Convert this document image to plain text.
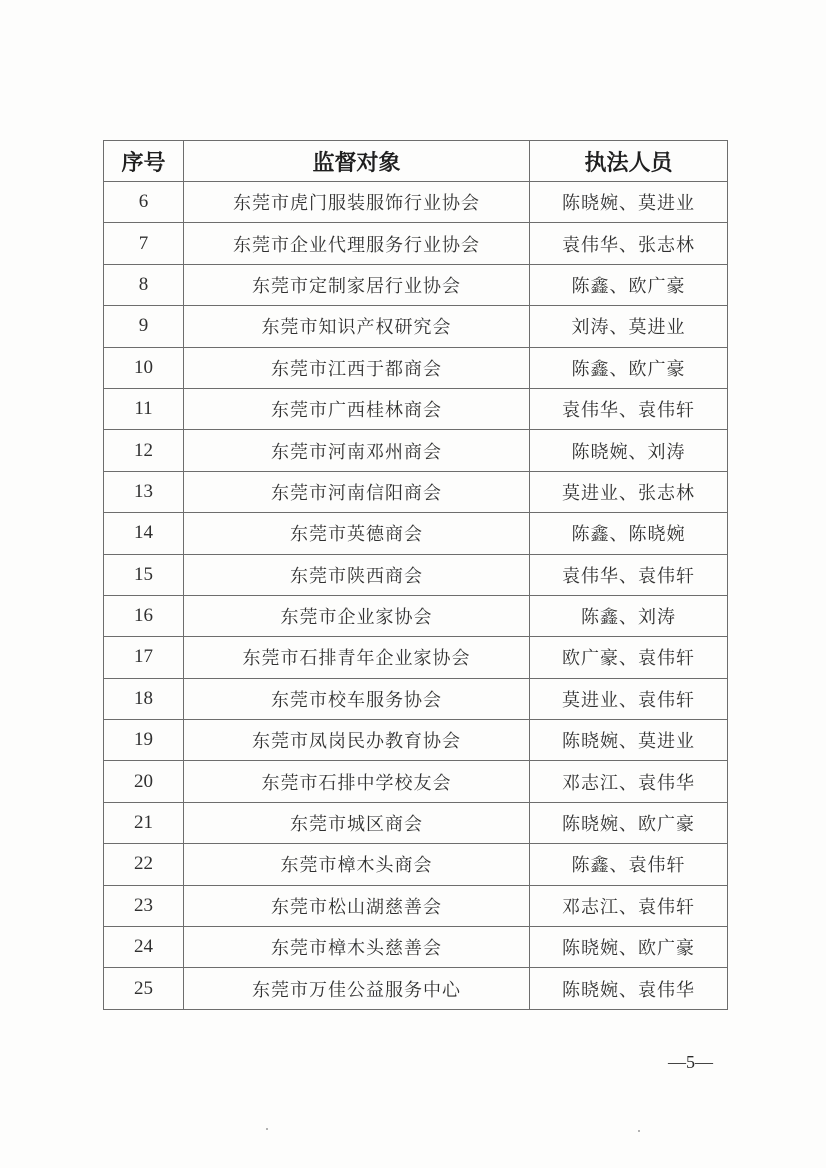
序号	监督对象	执法人员
6	东莞市虎门服装服饰行业协会	陈晓婉、莫进业
7	东莞市企业代理服务行业协会	袁伟华、张志林
8	东莞市定制家居行业协会	陈鑫、欧广豪
9	东莞市知识产权研究会	刘涛、莫进业
10	东莞市江西于都商会	陈鑫、欧广豪
11	东莞市广西桂林商会	袁伟华、袁伟轩
12	东莞市河南邓州商会	陈晓婉、刘涛
13	东莞市河南信阳商会	莫进业、张志林
14	东莞市英德商会	陈鑫、陈晓婉
15	东莞市陕西商会	袁伟华、袁伟轩
16	东莞市企业家协会	陈鑫、刘涛
17	东莞市石排青年企业家协会	欧广豪、袁伟轩
18	东莞市校车服务协会	莫进业、袁伟轩
19	东莞市凤岗民办教育协会	陈晓婉、莫进业
20	东莞市石排中学校友会	邓志江、袁伟华
21	东莞市城区商会	陈晓婉、欧广豪
22	东莞市樟木头商会	陈鑫、袁伟轩
23	东莞市松山湖慈善会	邓志江、袁伟轩
24	东莞市樟木头慈善会	陈晓婉、欧广豪
25	东莞市万佳公益服务中心	陈晓婉、袁伟华
—5—
